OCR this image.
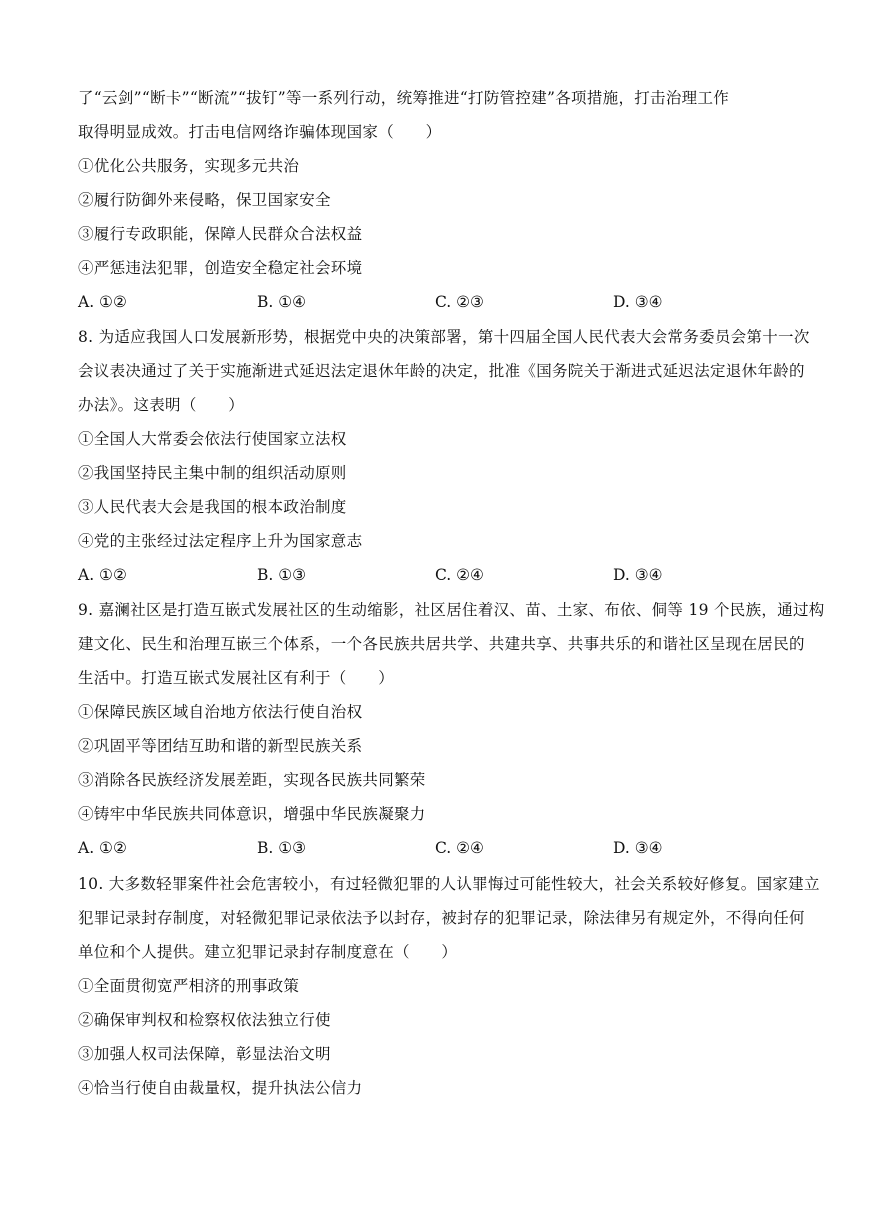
了“云剑”“断卡”“断流”“拔钉”等一系列行动，统筹推进“打防管控建”各项措施，打击治理工作
取得明显成效。打击电信网络诈骗体现国家（　　）
①优化公共服务，实现多元共治
②履行防御外来侵略，保卫国家安全
③履行专政职能，保障人民群众合法权益
④严惩违法犯罪，创造安全稳定社会环境
A. ①②	B. ①④	C. ②③	D. ③④
8. 为适应我国人口发展新形势，根据党中央的决策部署，第十四届全国人民代表大会常务委员会第十一次
会议表决通过了关于实施渐进式延迟法定退休年龄的决定，批准《国务院关于渐进式延迟法定退休年龄的
办法》。这表明（　　）
①全国人大常委会依法行使国家立法权
②我国坚持民主集中制的组织活动原则
③人民代表大会是我国的根本政治制度
④党的主张经过法定程序上升为国家意志
A. ①②	B. ①③	C. ②④	D. ③④
9. 嘉澜社区是打造互嵌式发展社区的生动缩影，社区居住着汉、苗、土家、布依、侗等 19 个民族，通过构
建文化、民生和治理互嵌三个体系，一个各民族共居共学、共建共享、共事共乐的和谐社区呈现在居民的
生活中。打造互嵌式发展社区有利于（　　）
①保障民族区域自治地方依法行使自治权
②巩固平等团结互助和谐的新型民族关系
③消除各民族经济发展差距，实现各民族共同繁荣
④铸牢中华民族共同体意识，增强中华民族凝聚力
A. ①②	B. ①③	C. ②④	D. ③④
10. 大多数轻罪案件社会危害较小，有过轻微犯罪的人认罪悔过可能性较大，社会关系较好修复。国家建立
犯罪记录封存制度，对轻微犯罪记录依法予以封存，被封存的犯罪记录，除法律另有规定外，不得向任何
单位和个人提供。建立犯罪记录封存制度意在（　　）
①全面贯彻宽严相济的刑事政策
②确保审判权和检察权依法独立行使
③加强人权司法保障，彰显法治文明
④恰当行使自由裁量权，提升执法公信力
